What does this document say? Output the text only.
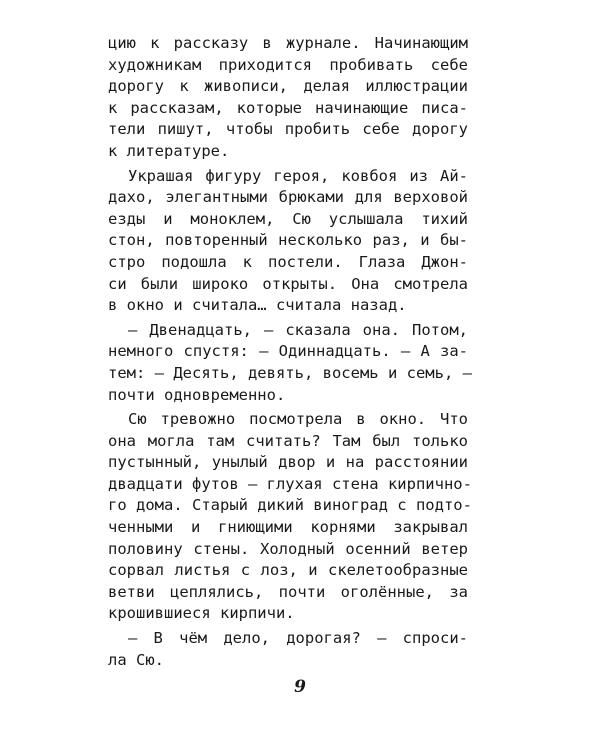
цию к рассказу в журнале. Начинающим
художникам приходится пробивать себе
дорогу к живописи, делая иллюстрации
к рассказам, которые начинающие писа-
тели пишут, чтобы пробить себе дорогу
к литературе.
Украшая фигуру героя, ковбоя из Ай-
дахо, элегантными брюками для верховой
езды и моноклем, Сю услышала тихий
стон, повторенный несколько раз, и бы-
стро подошла к постели. Глаза Джон-
си были широко открыты. Она смотрела
в окно и считала… считала назад.
— Двенадцать, — сказала она. Потом,
немного спустя: — Одиннадцать. — А за-
тем: — Десять, девять, восемь и семь, —
почти одновременно.
Сю тревожно посмотрела в окно. Что
она могла там считать? Там был только
пустынный, унылый двор и на расстоянии
двадцати футов — глухая стена кирпично-
го дома. Старый дикий виноград с подто-
ченными и гниющими корнями закрывал
половину стены. Холодный осенний ветер
сорвал листья с лоз, и скелетообразные
ветви цеплялись, почти оголённые, за
крошившиеся кирпичи.
— В чём дело, дорогая? — спроси-
ла Сю.
9
